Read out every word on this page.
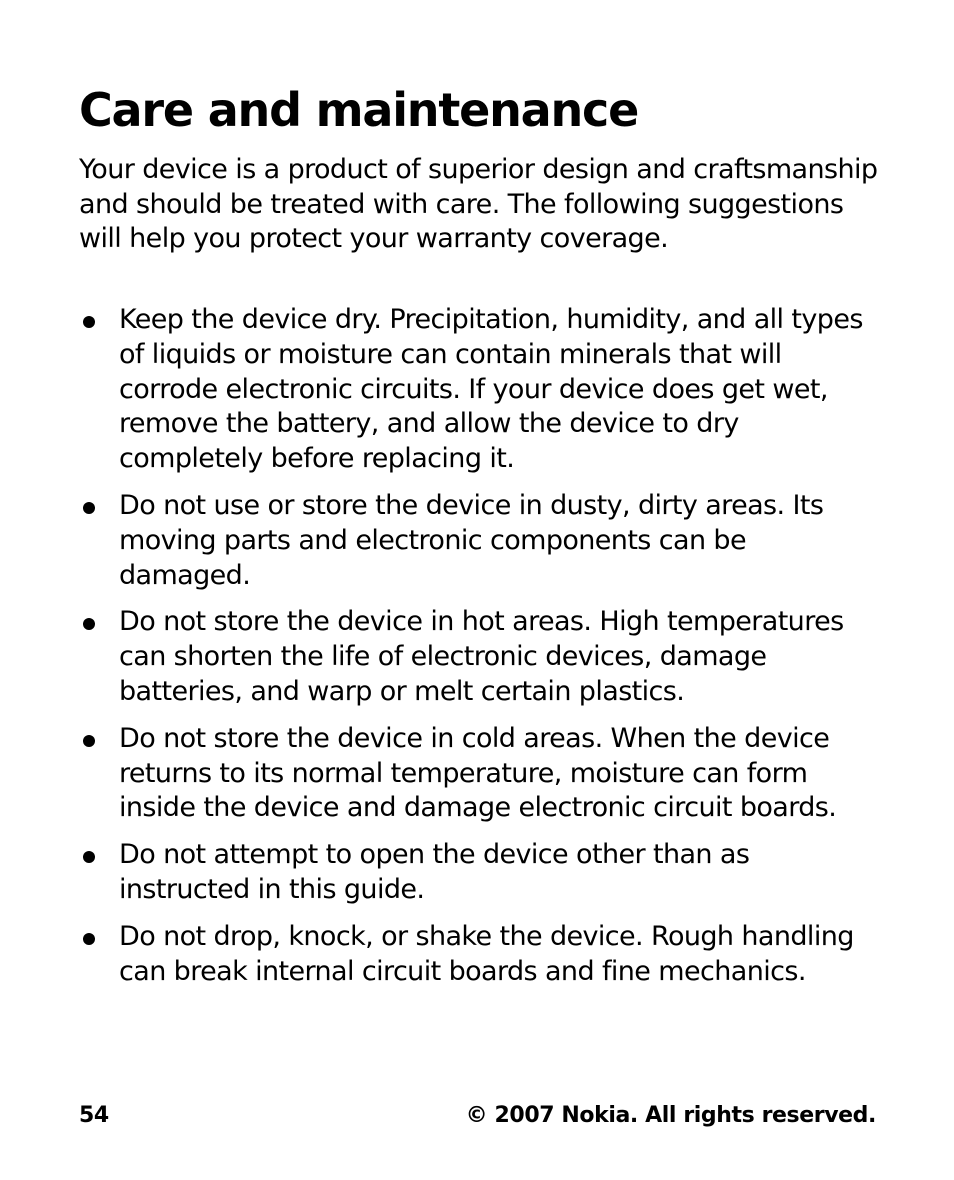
Care and maintenance

Your device is a product of superior design and craftsmanship and should be treated with care. The following suggestions will help you protect your warranty coverage.

Keep the device dry. Precipitation, humidity, and all types of liquids or moisture can contain minerals that will corrode electronic circuits. If your device does get wet, remove the battery, and allow the device to dry completely before replacing it.
Do not use or store the device in dusty, dirty areas. Its moving parts and electronic components can be damaged.
Do not store the device in hot areas. High temperatures can shorten the life of electronic devices, damage batteries, and warp or melt certain plastics.
Do not store the device in cold areas. When the device returns to its normal temperature, moisture can form inside the device and damage electronic circuit boards.
Do not attempt to open the device other than as instructed in this guide.
Do not drop, knock, or shake the device. Rough handling can break internal circuit boards and fine mechanics.
54	© 2007 Nokia. All rights reserved.
